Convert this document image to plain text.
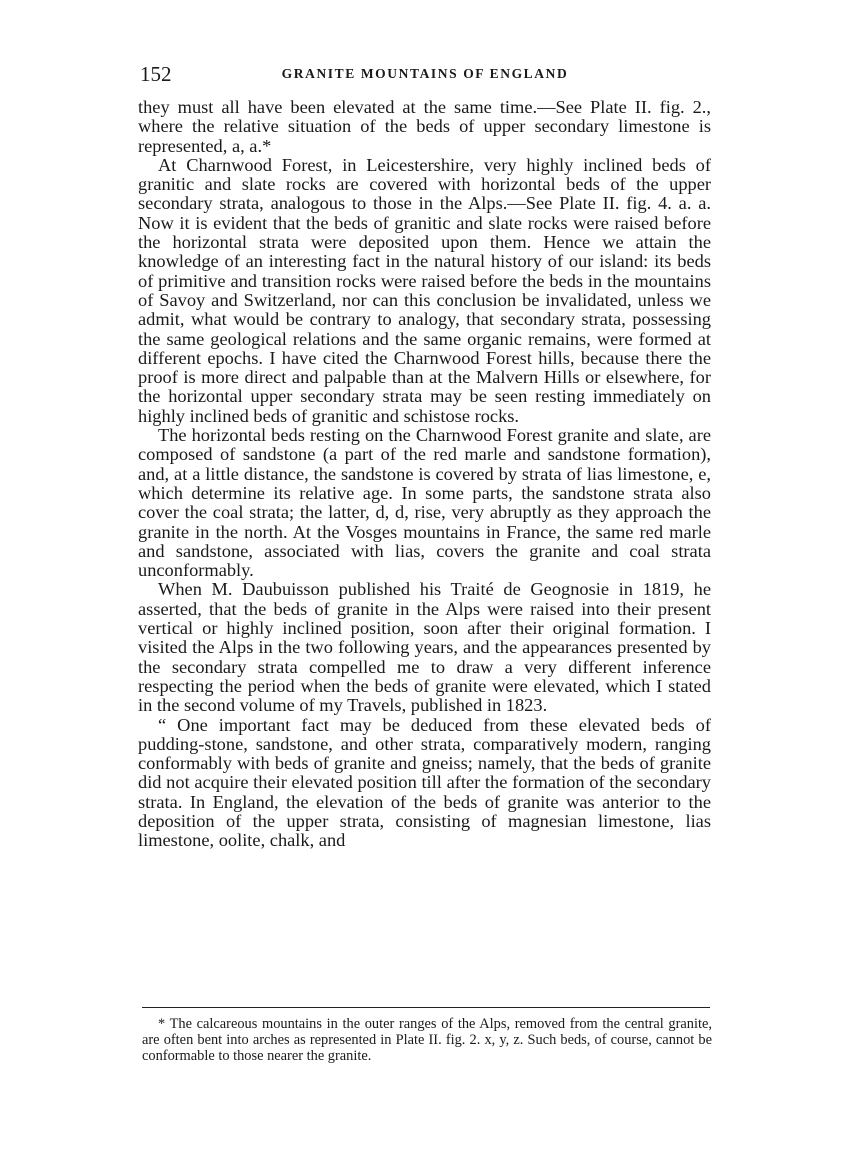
152	GRANITE MOUNTAINS OF ENGLAND

they must all have been elevated at the same time.—See Plate II. fig. 2., where the relative situation of the beds of upper secondary limestone is represented, a, a.*

At Charnwood Forest, in Leicestershire, very highly inclined beds of granitic and slate rocks are covered with horizontal beds of the upper secondary strata, analogous to those in the Alps.—See Plate II. fig. 4. a. a. Now it is evident that the beds of granitic and slate rocks were raised before the horizontal strata were deposited upon them. Hence we attain the knowledge of an interesting fact in the natural history of our island: its beds of primitive and transition rocks were raised before the beds in the mountains of Savoy and Switzerland, nor can this conclusion be invalidated, unless we admit, what would be contrary to analogy, that secondary strata, possessing the same geological relations and the same organic remains, were formed at different epochs. I have cited the Charnwood Forest hills, because there the proof is more direct and palpable than at the Malvern Hills or elsewhere, for the horizontal upper secondary strata may be seen resting immediately on highly inclined beds of granitic and schistose rocks.

The horizontal beds resting on the Charnwood Forest granite and slate, are composed of sandstone (a part of the red marle and sandstone formation), and, at a little distance, the sandstone is covered by strata of lias limestone, e, which determine its relative age. In some parts, the sandstone strata also cover the coal strata; the latter, d, d, rise, very abruptly as they approach the granite in the north. At the Vosges mountains in France, the same red marle and sandstone, associated with lias, covers the granite and coal strata unconformably.

When M. Daubuisson published his Traité de Geognosie in 1819, he asserted, that the beds of granite in the Alps were raised into their present vertical or highly inclined position, soon after their original formation. I visited the Alps in the two following years, and the appearances presented by the secondary strata compelled me to draw a very different inference respecting the period when the beds of granite were elevated, which I stated in the second volume of my Travels, published in 1823.

“ One important fact may be deduced from these elevated beds of pudding-stone, sandstone, and other strata, comparatively modern, ranging conformably with beds of granite and gneiss; namely, that the beds of granite did not acquire their elevated position till after the formation of the secondary strata. In England, the elevation of the beds of granite was anterior to the deposition of the upper strata, consisting of magnesian limestone, lias limestone, oolite, chalk, and

* The calcareous mountains in the outer ranges of the Alps, removed from the central granite, are often bent into arches as represented in Plate II. fig. 2. x, y, z. Such beds, of course, cannot be conformable to those nearer the granite.
